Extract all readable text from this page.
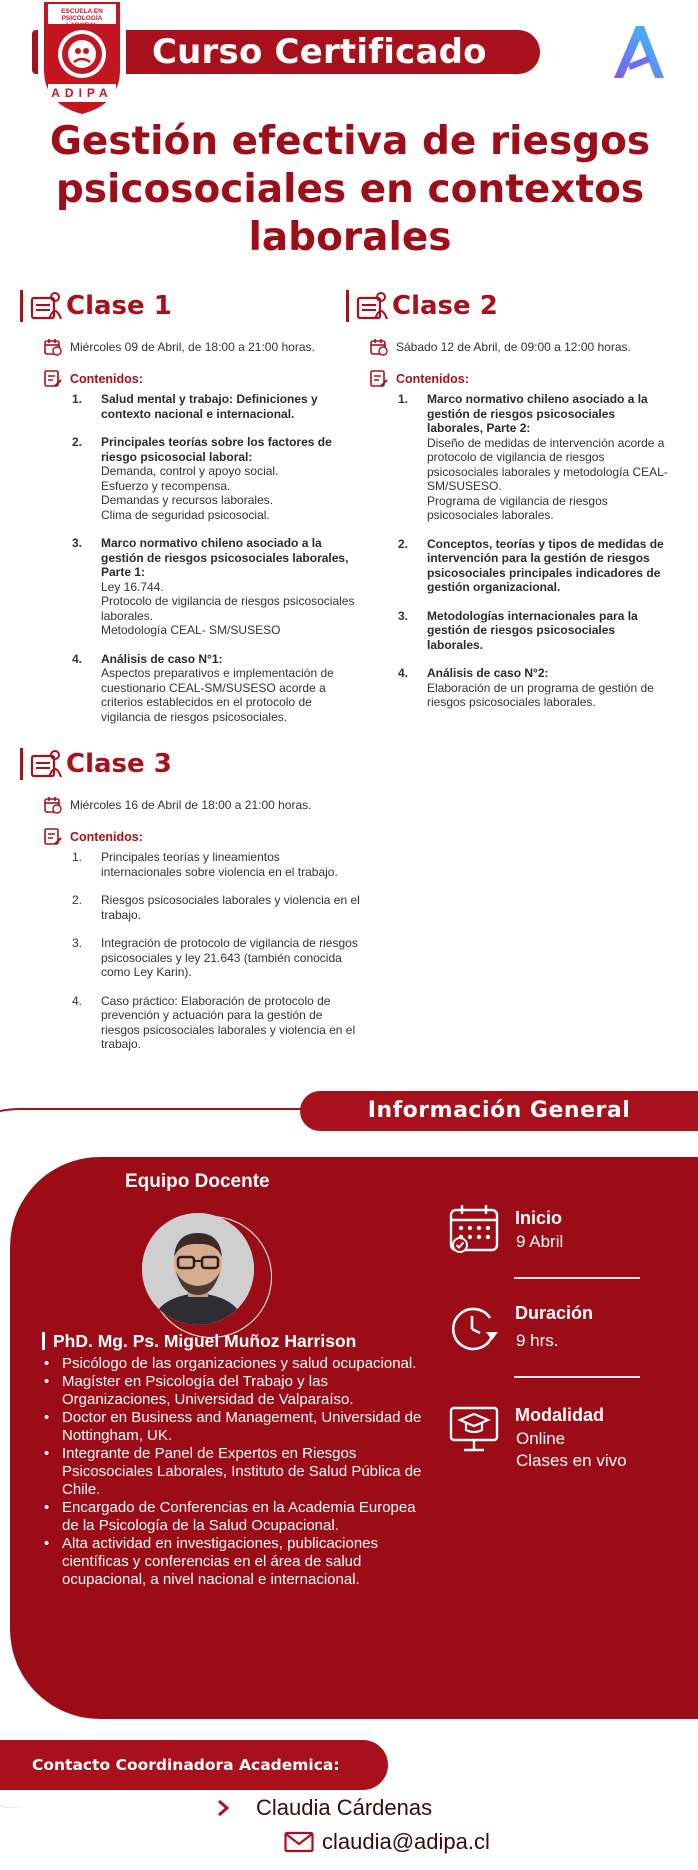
Curso Certificado
ESCUELA EN PSICOLOGÍA LABORAL
ADIPA
Gestión efectiva de riesgos psicosociales en contextos laborales
Clase 1
Miércoles 09 de Abril, de 18:00 a 21:00 horas.
Contenidos:
1.	Salud mental y trabajo: Definiciones y contexto nacional e internacional.
2.	Principales teorías sobre los factores de riesgo psicosocial laboral:
Demanda, control y apoyo social.
Esfuerzo y recompensa.
Demandas y recursos laborales.
Clima de seguridad psicosocial.
3.	Marco normativo chileno asociado a la gestión de riesgos psicosociales laborales, Parte 1:
Ley 16.744.
Protocolo de vigilancia de riesgos psicosociales laborales.
Metodología CEAL- SM/SUSESO
4.	Análisis de caso N°1:
Aspectos preparativos e implementación de cuestionario CEAL-SM/SUSESO acorde a criterios establecidos en el protocolo de vigilancia de riesgos psicosociales.
Clase 2
Sábado 12 de Abril, de 09:00 a 12:00 horas.
Contenidos:
1.	Marco normativo chileno asociado a la gestión de riesgos psicosociales laborales, Parte 2:
Diseño de medidas de intervención acorde a protocolo de vigilancia de riesgos psicosociales laborales y metodología CEAL-SM/SUSESO.
Programa de vigilancia de riesgos psicosociales laborales.
2.	Conceptos, teorías y tipos de medidas de intervención para la gestión de riesgos psicosociales principales indicadores de gestión organizacional.
3.	Metodologías internacionales para la gestión de riesgos psicosociales laborales.
4.	Análisis de caso N°2:
Elaboración de un programa de gestión de riesgos psicosociales laborales.
Clase 3
Miércoles 16 de Abril de 18:00 a 21:00 horas.
Contenidos:
1.	Principales teorías y lineamientos internacionales sobre violencia en el trabajo.
2.	Riesgos psicosociales laborales y violencia en el trabajo.
3.	Integración de protocolo de vigilancia de riesgos psicosociales y ley 21.643 (también conocida como Ley Karin).
4.	Caso práctico: Elaboración de protocolo de prevención y actuación para la gestión de riesgos psicosociales laborales y violencia en el trabajo.
Información General
Equipo Docente
PhD. Mg. Ps. Miguel Muñoz Harrison
• Psicólogo de las organizaciones y salud ocupacional.
• Magíster en Psicología del Trabajo y las Organizaciones, Universidad de Valparaíso.
• Doctor en Business and Management, Universidad de Nottingham, UK.
• Integrante de Panel de Expertos en Riesgos Psicosociales Laborales, Instituto de Salud Pública de Chile.
• Encargado de Conferencias en la Academia Europea de la Psicología de la Salud Ocupacional.
• Alta actividad en investigaciones, publicaciones científicas y conferencias en el área de salud ocupacional, a nivel nacional e internacional.
Inicio
9 Abril
Duración
9 hrs.
Modalidad
Online
Clases en vivo
Contacto Coordinadora Academica:
Claudia Cárdenas
claudia@adipa.cl
